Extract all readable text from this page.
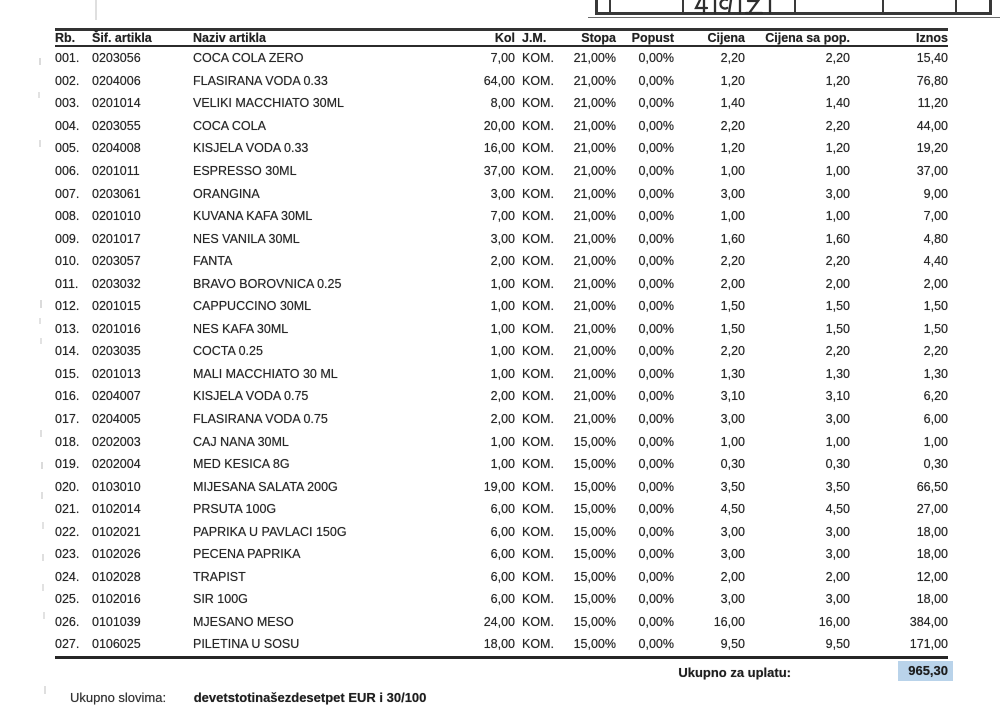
Rb.	Šif. artikla	Naziv artikla	Kol J.M.	Stopa	Popust	Cijena	Cijena sa pop.	Iznos
001.	0203056	COCA COLA ZERO	7,00 KOM.	21,00%	0,00%	2,20	2,20	15,40
002.	0204006	FLASIRANA VODA 0.33	64,00 KOM.	21,00%	0,00%	1,20	1,20	76,80
003.	0201014	VELIKI MACCHIATO 30ML	8,00 KOM.	21,00%	0,00%	1,40	1,40	11,20
004.	0203055	COCA COLA	20,00 KOM.	21,00%	0,00%	2,20	2,20	44,00
005.	0204008	KISJELA VODA 0.33	16,00 KOM.	21,00%	0,00%	1,20	1,20	19,20
006.	0201011	ESPRESSO 30ML	37,00 KOM.	21,00%	0,00%	1,00	1,00	37,00
007.	0203061	ORANGINA	3,00 KOM.	21,00%	0,00%	3,00	3,00	9,00
008.	0201010	KUVANA KAFA 30ML	7,00 KOM.	21,00%	0,00%	1,00	1,00	7,00
009.	0201017	NES VANILA 30ML	3,00 KOM.	21,00%	0,00%	1,60	1,60	4,80
010.	0203057	FANTA	2,00 KOM.	21,00%	0,00%	2,20	2,20	4,40
011.	0203032	BRAVO BOROVNICA 0.25	1,00 KOM.	21,00%	0,00%	2,00	2,00	2,00
012.	0201015	CAPPUCCINO 30ML	1,00 KOM.	21,00%	0,00%	1,50	1,50	1,50
013.	0201016	NES KAFA 30ML	1,00 KOM.	21,00%	0,00%	1,50	1,50	1,50
014.	0203035	COCTA 0.25	1,00 KOM.	21,00%	0,00%	2,20	2,20	2,20
015.	0201013	MALI MACCHIATO 30 ML	1,00 KOM.	21,00%	0,00%	1,30	1,30	1,30
016.	0204007	KISJELA VODA 0.75	2,00 KOM.	21,00%	0,00%	3,10	3,10	6,20
017.	0204005	FLASIRANA VODA 0.75	2,00 KOM.	21,00%	0,00%	3,00	3,00	6,00
018.	0202003	CAJ NANA 30ML	1,00 KOM.	15,00%	0,00%	1,00	1,00	1,00
019.	0202004	MED KESICA 8G	1,00 KOM.	15,00%	0,00%	0,30	0,30	0,30
020.	0103010	MIJESANA SALATA 200G	19,00 KOM.	15,00%	0,00%	3,50	3,50	66,50
021.	0102014	PRSUTA 100G	6,00 KOM.	15,00%	0,00%	4,50	4,50	27,00
022.	0102021	PAPRIKA U PAVLACI 150G	6,00 KOM.	15,00%	0,00%	3,00	3,00	18,00
023.	0102026	PECENA PAPRIKA	6,00 KOM.	15,00%	0,00%	3,00	3,00	18,00
024.	0102028	TRAPIST	6,00 KOM.	15,00%	0,00%	2,00	2,00	12,00
025.	0102016	SIR 100G	6,00 KOM.	15,00%	0,00%	3,00	3,00	18,00
026.	0101039	MJESANO MESO	24,00 KOM.	15,00%	0,00%	16,00	16,00	384,00
027.	0106025	PILETINA U SOSU	18,00 KOM.	15,00%	0,00%	9,50	9,50	171,00
Ukupno za uplatu:	965,30
Ukupno slovima: devetstotinašezdesetpet EUR i 30/100
